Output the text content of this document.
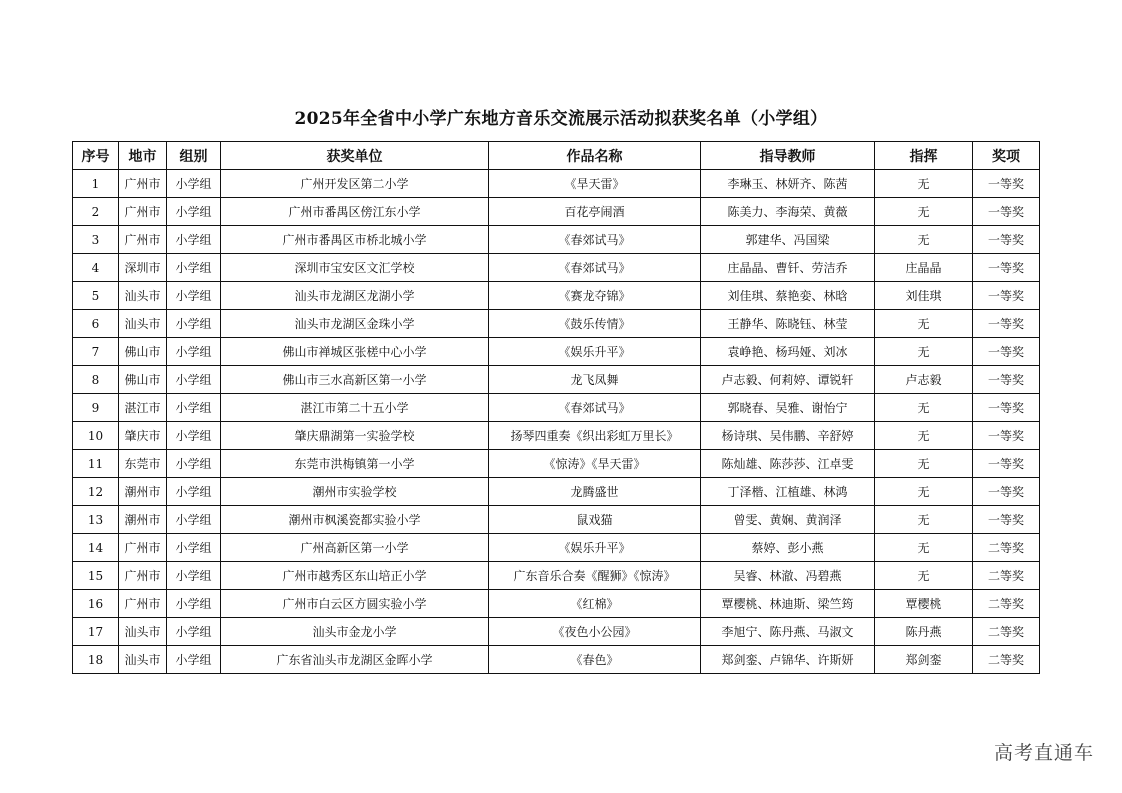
2025年全省中小学广东地方音乐交流展示活动拟获奖名单（小学组）
序号	地市	组别	获奖单位	作品名称	指导教师	指挥	奖项
1	广州市	小学组	广州开发区第二小学	《旱天雷》	李琳玉、林妍齐、陈茜	无	一等奖
2	广州市	小学组	广州市番禺区傍江东小学	百花亭闹酒	陈美力、李海荣、黄薇	无	一等奖
3	广州市	小学组	广州市番禺区市桥北城小学	《春郊试马》	郭建华、冯国梁	无	一等奖
4	深圳市	小学组	深圳市宝安区文汇学校	《春郊试马》	庄晶晶、曹钎、劳洁乔	庄晶晶	一等奖
5	汕头市	小学组	汕头市龙湖区龙湖小学	《赛龙夺锦》	刘佳琪、蔡艳娈、林晗	刘佳琪	一等奖
6	汕头市	小学组	汕头市龙湖区金珠小学	《鼓乐传情》	王静华、陈晓钰、林莹	无	一等奖
7	佛山市	小学组	佛山市禅城区张槎中心小学	《娱乐升平》	袁峥艳、杨玛娅、刘冰	无	一等奖
8	佛山市	小学组	佛山市三水高新区第一小学	龙飞凤舞	卢志毅、何莉婷、谭锐轩	卢志毅	一等奖
9	湛江市	小学组	湛江市第二十五小学	《春郊试马》	郭晓春、吴雅、谢怡宁	无	一等奖
10	肇庆市	小学组	肇庆鼎湖第一实验学校	扬琴四重奏《织出彩虹万里长》	杨诗琪、吴伟鹏、辛舒婷	无	一等奖
11	东莞市	小学组	东莞市洪梅镇第一小学	《惊涛》《旱天雷》	陈灿雄、陈莎莎、江卓雯	无	一等奖
12	潮州市	小学组	潮州市实验学校	龙腾盛世	丁泽楷、江植雄、林鸿	无	一等奖
13	潮州市	小学组	潮州市枫溪瓷都实验小学	鼠戏猫	曾雯、黄娴、黄润泽	无	一等奖
14	广州市	小学组	广州高新区第一小学	《娱乐升平》	蔡婷、彭小燕	无	二等奖
15	广州市	小学组	广州市越秀区东山培正小学	广东音乐合奏《醒狮》《惊涛》	吴睿、林澈、冯碧燕	无	二等奖
16	广州市	小学组	广州市白云区方圆实验小学	《红棉》	覃樱桃、林迪斯、梁竺筠	覃樱桃	二等奖
17	汕头市	小学组	汕头市金龙小学	《夜色小公园》	李旭宁、陈丹燕、马淑文	陈丹燕	二等奖
18	汕头市	小学组	广东省汕头市龙湖区金晖小学	《春色》	郑剑銮、卢锦华、许斯妍	郑剑銮	二等奖
高考直通车
